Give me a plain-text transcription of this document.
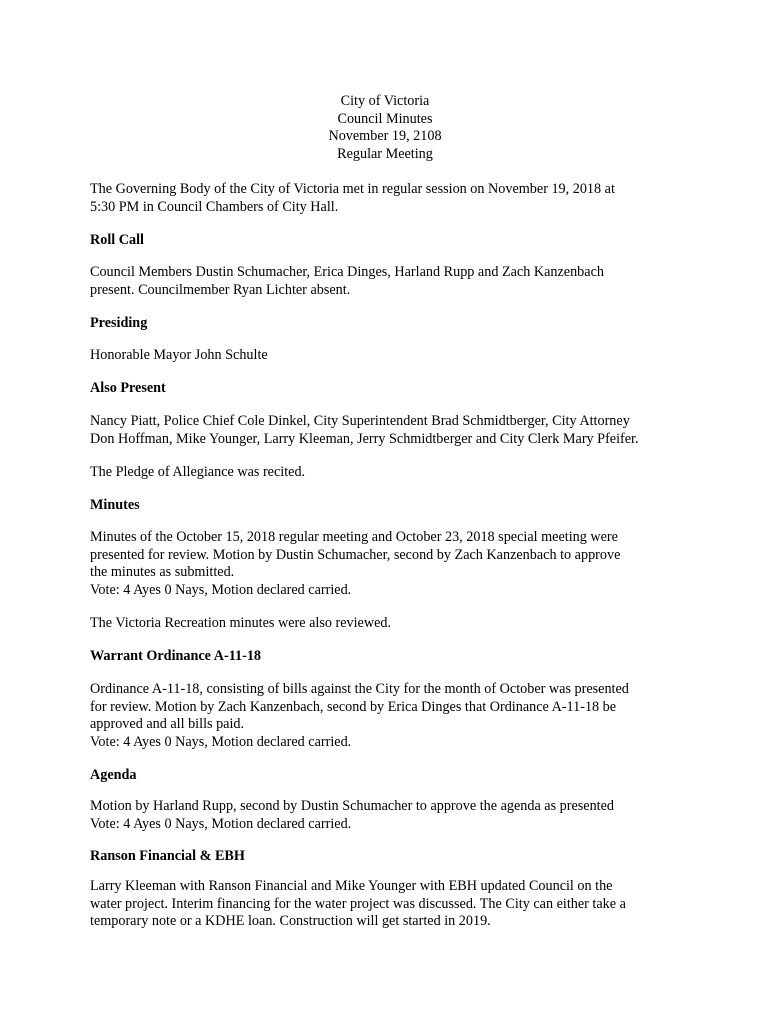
City of Victoria
Council Minutes
November 19, 2108
Regular Meeting

The Governing Body of the City of Victoria met in regular session on November 19, 2018 at

5:30 PM in Council Chambers of City Hall.

Roll Call

Council Members Dustin Schumacher, Erica Dinges, Harland Rupp and Zach Kanzenbach

present. Councilmember Ryan Lichter absent.

Presiding

Honorable Mayor John Schulte

Also Present

Nancy Piatt, Police Chief Cole Dinkel, City Superintendent Brad Schmidtberger, City Attorney

Don Hoffman, Mike Younger, Larry Kleeman, Jerry Schmidtberger and City Clerk Mary Pfeifer.

The Pledge of Allegiance was recited.

Minutes

Minutes of the October 15, 2018 regular meeting and October 23, 2018 special meeting were

presented for review. Motion by Dustin Schumacher, second by Zach Kanzenbach to approve

the minutes as submitted.

Vote: 4 Ayes 0 Nays, Motion declared carried.

The Victoria Recreation minutes were also reviewed.

Warrant Ordinance A-11-18

Ordinance A-11-18, consisting of bills against the City for the month of October was presented

for review. Motion by Zach Kanzenbach, second by Erica Dinges that Ordinance A-11-18 be

approved and all bills paid.

Vote: 4 Ayes 0 Nays, Motion declared carried.

Agenda

Motion by Harland Rupp, second by Dustin Schumacher to approve the agenda as presented

Vote: 4 Ayes 0 Nays, Motion declared carried.

Ranson Financial & EBH

Larry Kleeman with Ranson Financial and Mike Younger with EBH updated Council on the

water project. Interim financing for the water project was discussed. The City can either take a

temporary note or a KDHE loan. Construction will get started in 2019.
